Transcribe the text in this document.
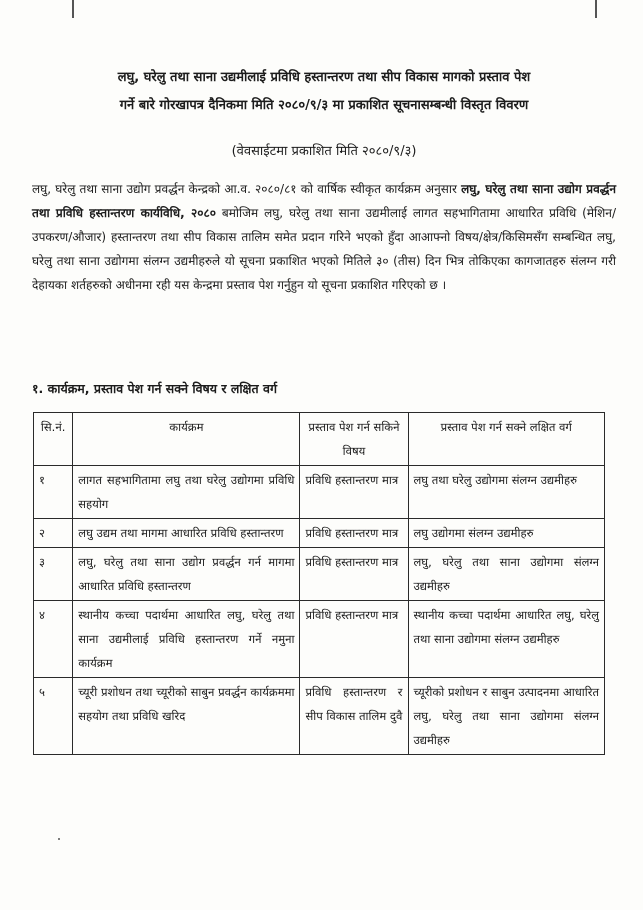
लघु, घरेलु तथा साना उद्यमीलाई प्रविधि हस्तान्तरण तथा सीप विकास मागको प्रस्ताव पेश
गर्ने बारे गोरखापत्र दैनिकमा मिति २०८०/९/३ मा प्रकाशित सूचनासम्बन्धी विस्तृत विवरण
(वेवसाईटमा प्रकाशित मिति २०८०/९/३)
लघु, घरेलु तथा साना उद्योग प्रवर्द्धन केन्द्रको आ.व. २०८०/८१ को वार्षिक स्वीकृत कार्यक्रम अनुसार लघु, घरेलु तथा साना उद्योग प्रवर्द्धन तथा प्रविधि हस्तान्तरण कार्यविधि, २०८० बमोजिम लघु, घरेलु तथा साना उद्यमीलाई लागत सहभागितामा आधारित प्रविधि (मेशिन/उपकरण/औजार) हस्तान्तरण तथा सीप विकास तालिम समेत प्रदान गरिने भएको हुँदा आआफ्नो विषय/क्षेत्र/किसिमसँग सम्बन्धित लघु, घरेलु तथा साना उद्योगमा संलग्न उद्यमीहरुले यो सूचना प्रकाशित भएको मितिले ३० (तीस) दिन भित्र तोकिएका कागजातहरु संलग्न गरी देहायका शर्तहरुको अधीनमा रही यस केन्द्रमा प्रस्ताव पेश गर्नुहुन यो सूचना प्रकाशित गरिएको छ ।
१. कार्यक्रम, प्रस्ताव पेश गर्न सक्ने विषय र लक्षित वर्ग
सि.नं.	कार्यक्रम	प्रस्ताव पेश गर्न सकिने विषय	प्रस्ताव पेश गर्न सक्ने लक्षित वर्ग
१	लागत सहभागितामा लघु तथा घरेलु उद्योगमा प्रविधि सहयोग	प्रविधि हस्तान्तरण मात्र	लघु तथा घरेलु उद्योगमा संलग्न उद्यमीहरु
२	लघु उद्यम तथा मागमा आधारित प्रविधि हस्तान्तरण	प्रविधि हस्तान्तरण मात्र	लघु उद्योगमा संलग्न उद्यमीहरु
३	लघु, घरेलु तथा साना उद्योग प्रवर्द्धन गर्न मागमा आधारित प्रविधि हस्तान्तरण	प्रविधि हस्तान्तरण मात्र	लघु, घरेलु तथा साना उद्योगमा संलग्न उद्यमीहरु
४	स्थानीय कच्चा पदार्थमा आधारित लघु, घरेलु तथा साना उद्यमीलाई प्रविधि हस्तान्तरण गर्ने नमुना कार्यक्रम	प्रविधि हस्तान्तरण मात्र	स्थानीय कच्चा पदार्थमा आधारित लघु, घरेलु तथा साना उद्योगमा संलग्न उद्यमीहरु
५	च्यूरी प्रशोधन तथा च्यूरीको साबुन प्रवर्द्धन कार्यक्रममा सहयोग तथा प्रविधि खरिद	प्रविधि हस्तान्तरण र सीप विकास तालिम दुवै	च्यूरीको प्रशोधन र साबुन उत्पादनमा आधारित लघु, घरेलु तथा साना उद्योगमा संलग्न उद्यमीहरु
